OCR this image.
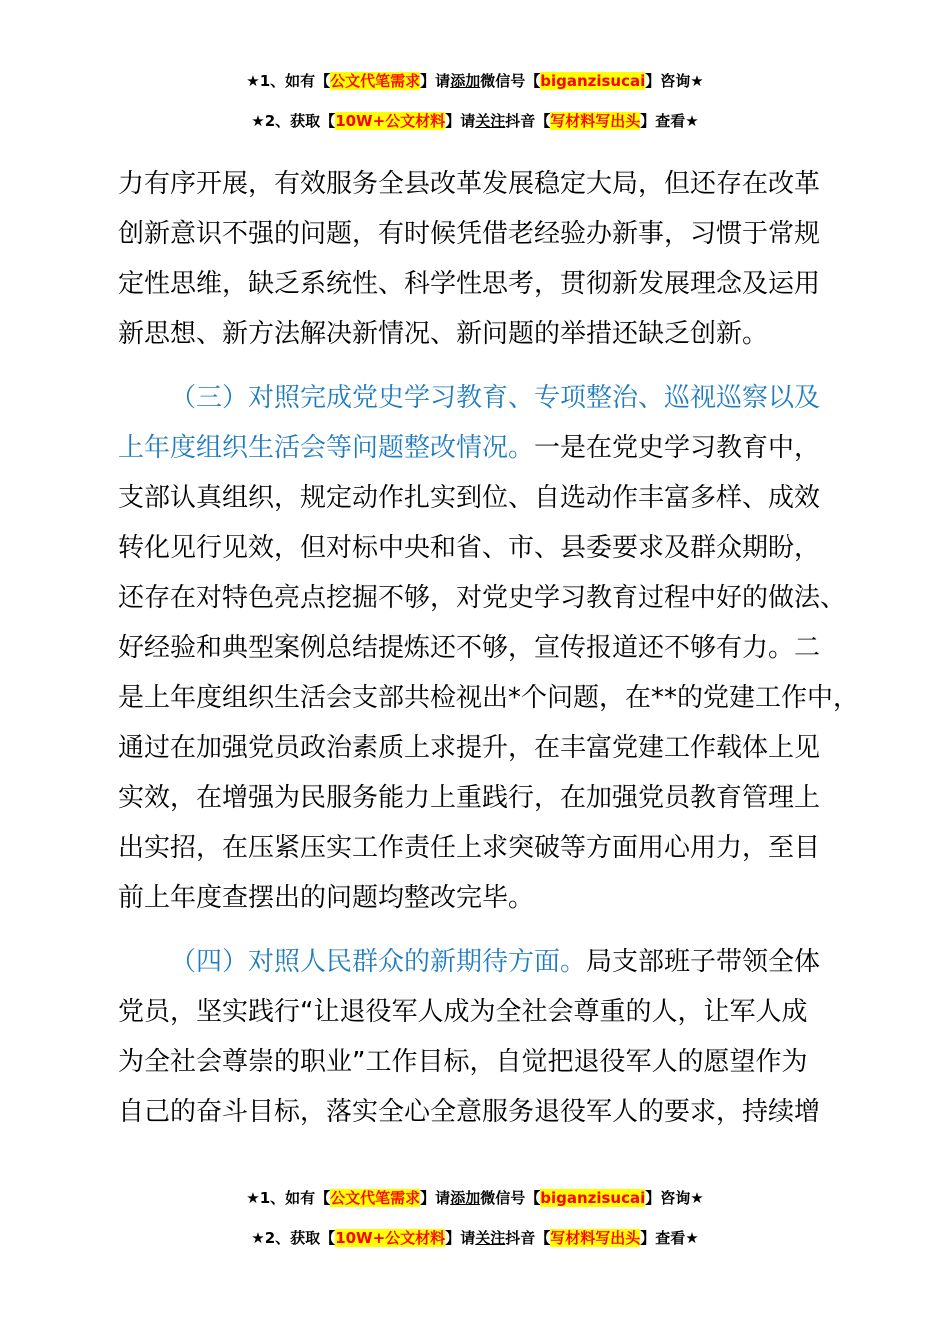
★1、如有【公文代笔需求】请添加微信号【biganzisucai】咨询★
★2、获取【10W+公文材料】请关注抖音【写材料写出头】查看★

力有序开展，有效服务全县改革发展稳定大局，但还存在改革
创新意识不强的问题，有时候凭借老经验办新事，习惯于常规
定性思维，缺乏系统性、科学性思考，贯彻新发展理念及运用
新思想、新方法解决新情况、新问题的举措还缺乏创新。

（三）对照完成党史学习教育、专项整治、巡视巡察以及
上年度组织生活会等问题整改情况。一是在党史学习教育中，
支部认真组织，规定动作扎实到位、自选动作丰富多样、成效
转化见行见效，但对标中央和省、市、县委要求及群众期盼，
还存在对特色亮点挖掘不够，对党史学习教育过程中好的做法、
好经验和典型案例总结提炼还不够，宣传报道还不够有力。二
是上年度组织生活会支部共检视出*个问题，在**的党建工作中，
通过在加强党员政治素质上求提升，在丰富党建工作载体上见
实效，在增强为民服务能力上重践行，在加强党员教育管理上
出实招，在压紧压实工作责任上求突破等方面用心用力，至目
前上年度查摆出的问题均整改完毕。

（四）对照人民群众的新期待方面。局支部班子带领全体
党员，坚实践行“让退役军人成为全社会尊重的人，让军人成
为全社会尊崇的职业”工作目标，自觉把退役军人的愿望作为
自己的奋斗目标，落实全心全意服务退役军人的要求，持续增

★1、如有【公文代笔需求】请添加微信号【biganzisucai】咨询★
★2、获取【10W+公文材料】请关注抖音【写材料写出头】查看★
